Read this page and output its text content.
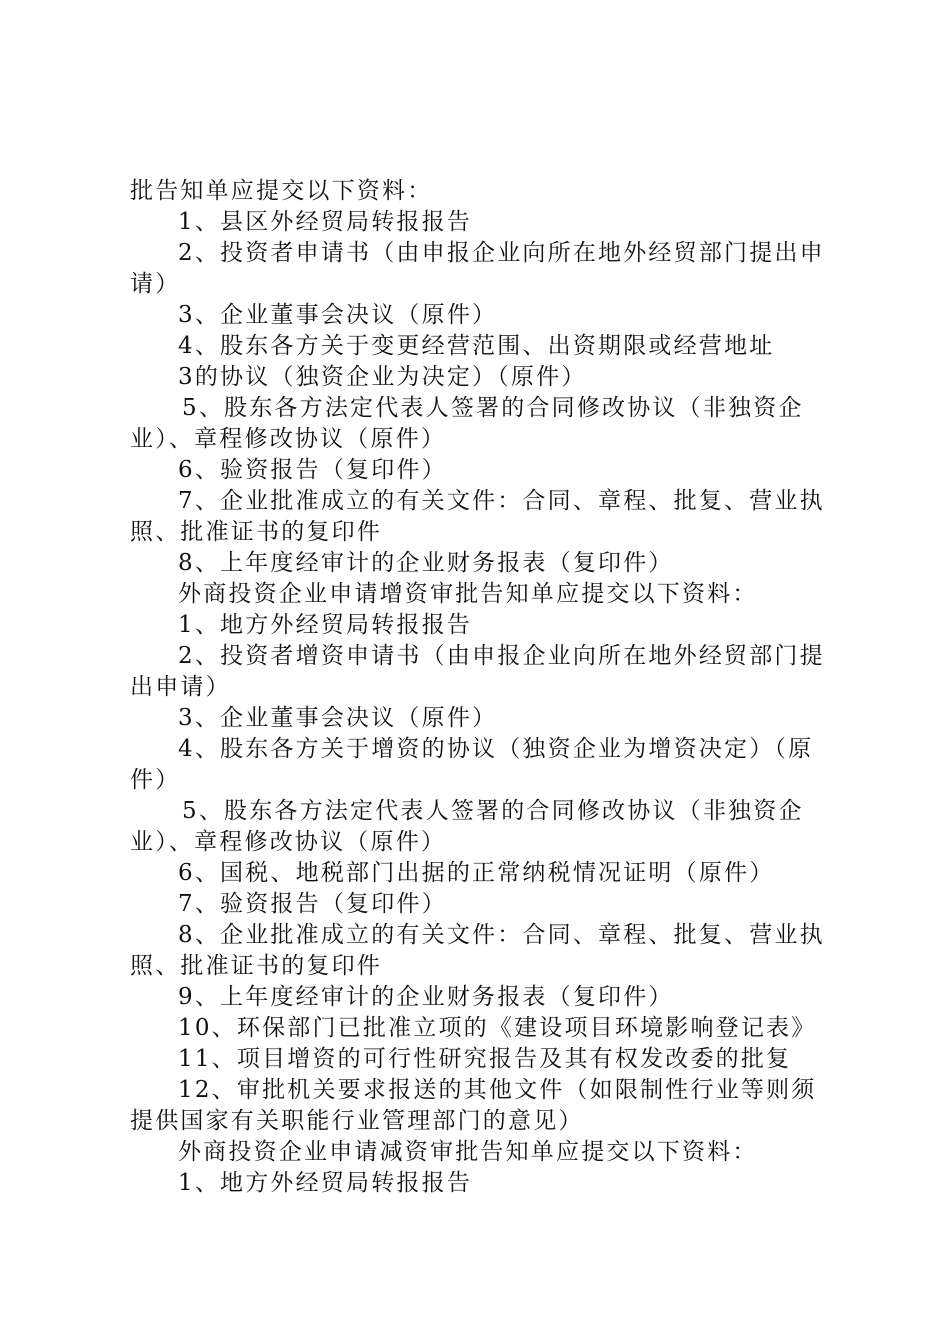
批告知单应提交以下资料：
1、县区外经贸局转报报告
2、投资者申请书（由申报企业向所在地外经贸部门提出申
请）
3、企业董事会决议（原件）
4、股东各方关于变更经营范围、出资期限或经营地址
3的协议（独资企业为决定）（原件）
5、股东各方法定代表人签署的合同修改协议（非独资企
业）、章程修改协议（原件）
6、验资报告（复印件）
7、企业批准成立的有关文件：合同、章程、批复、营业执
照、批准证书的复印件
8、上年度经审计的企业财务报表（复印件）
外商投资企业申请增资审批告知单应提交以下资料：
1、地方外经贸局转报报告
2、投资者增资申请书（由申报企业向所在地外经贸部门提
出申请）
3、企业董事会决议（原件）
4、股东各方关于增资的协议（独资企业为增资决定）（原
件）
5、股东各方法定代表人签署的合同修改协议（非独资企
业）、章程修改协议（原件）
6、国税、地税部门出据的正常纳税情况证明（原件）
7、验资报告（复印件）
8、企业批准成立的有关文件：合同、章程、批复、营业执
照、批准证书的复印件
9、上年度经审计的企业财务报表（复印件）
10、环保部门已批准立项的《建设项目环境影响登记表》
11、项目增资的可行性研究报告及其有权发改委的批复
12、审批机关要求报送的其他文件（如限制性行业等则须
提供国家有关职能行业管理部门的意见）
外商投资企业申请减资审批告知单应提交以下资料：
1、地方外经贸局转报报告
